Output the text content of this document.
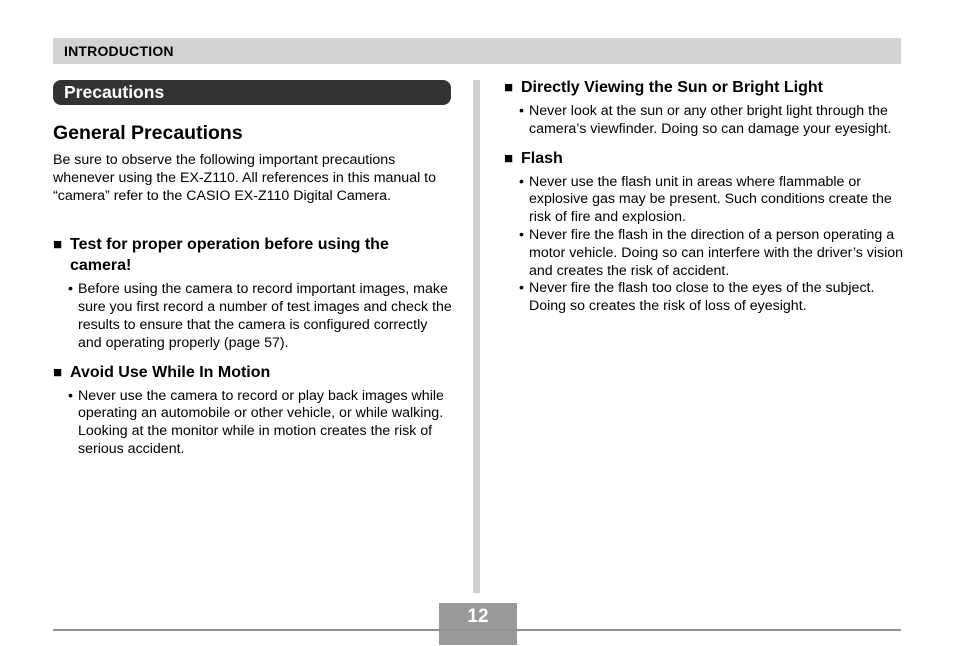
INTRODUCTION
Precautions
General Precautions

Be sure to observe the following important precautions whenever using the EX-Z110. All references in this manual to “camera” refer to the CASIO EX-Z110 Digital Camera.

■ Test for proper operation before using the camera!
• Before using the camera to record important images, make sure you first record a number of test images and check the results to ensure that the camera is configured correctly and operating properly (page 57).
■ Avoid Use While In Motion
• Never use the camera to record or play back images while operating an automobile or other vehicle, or while walking. Looking at the monitor while in motion creates the risk of serious accident.
■ Directly Viewing the Sun or Bright Light
• Never look at the sun or any other bright light through the camera’s viewfinder. Doing so can damage your eyesight.
■ Flash
• Never use the flash unit in areas where flammable or explosive gas may be present. Such conditions create the risk of fire and explosion.
• Never fire the flash in the direction of a person operating a motor vehicle. Doing so can interfere with the driver’s vision and creates the risk of accident.
• Never fire the flash too close to the eyes of the subject. Doing so creates the risk of loss of eyesight.
12
